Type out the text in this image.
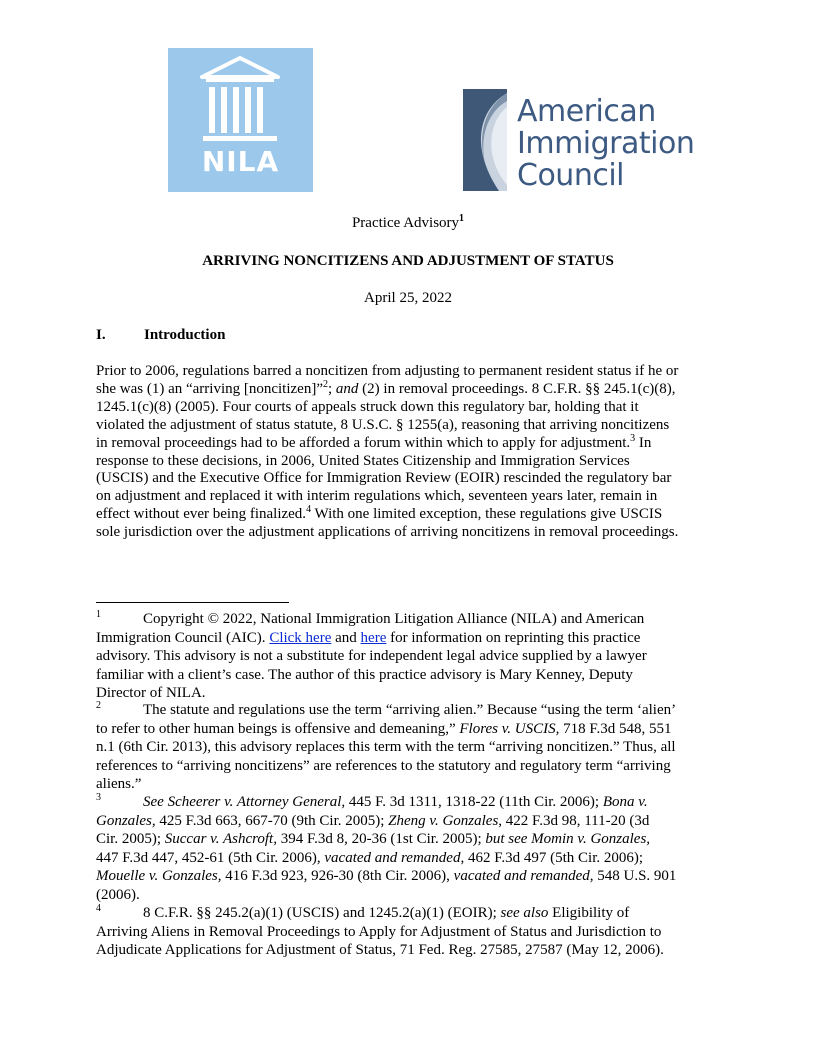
NILA
American
Immigration
Council
Practice Advisory$^1$
ARRIVING NONCITIZENS AND ADJUSTMENT OF STATUS
April 25, 2022
I.	Introduction
Prior to 2006, regulations barred a noncitizen from adjusting to permanent resident status if he or
she was (1) an “arriving [noncitizen]”$^2$; and (2) in removal proceedings. 8 C.F.R. §§ 245.1(c)(8),
1245.1(c)(8) (2005). Four courts of appeals struck down this regulatory bar, holding that it
violated the adjustment of status statute, 8 U.S.C. § 1255(a), reasoning that arriving noncitizens
in removal proceedings had to be afforded a forum within which to apply for adjustment.$^3$ In
response to these decisions, in 2006, United States Citizenship and Immigration Services
(USCIS) and the Executive Office for Immigration Review (EOIR) rescinded the regulatory bar
on adjustment and replaced it with interim regulations which, seventeen years later, remain in
effect without ever being finalized.$^4$ With one limited exception, these regulations give USCIS
sole jurisdiction over the adjustment applications of arriving noncitizens in removal proceedings.
$^1$	Copyright © 2022, National Immigration Litigation Alliance (NILA) and American
Immigration Council (AIC). Click here and here for information on reprinting this practice
advisory. This advisory is not a substitute for independent legal advice supplied by a lawyer
familiar with a client’s case. The author of this practice advisory is Mary Kenney, Deputy
Director of NILA.
$^2$	The statute and regulations use the term “arriving alien.” Because “using the term ‘alien’
to refer to other human beings is offensive and demeaning,” Flores v. USCIS, 718 F.3d 548, 551
n.1 (6th Cir. 2013), this advisory replaces this term with the term “arriving noncitizen.” Thus, all
references to “arriving noncitizens” are references to the statutory and regulatory term “arriving
aliens.”
$^3$	See Scheerer v. Attorney General, 445 F. 3d 1311, 1318-22 (11th Cir. 2006); Bona v.
Gonzales, 425 F.3d 663, 667-70 (9th Cir. 2005); Zheng v. Gonzales, 422 F.3d 98, 111-20 (3d
Cir. 2005); Succar v. Ashcroft, 394 F.3d 8, 20-36 (1st Cir. 2005); but see Momin v. Gonzales,
447 F.3d 447, 452-61 (5th Cir. 2006), vacated and remanded, 462 F.3d 497 (5th Cir. 2006);
Mouelle v. Gonzales, 416 F.3d 923, 926-30 (8th Cir. 2006), vacated and remanded, 548 U.S. 901
(2006).
$^4$	8 C.F.R. §§ 245.2(a)(1) (USCIS) and 1245.2(a)(1) (EOIR); see also Eligibility of
Arriving Aliens in Removal Proceedings to Apply for Adjustment of Status and Jurisdiction to
Adjudicate Applications for Adjustment of Status, 71 Fed. Reg. 27585, 27587 (May 12, 2006).
